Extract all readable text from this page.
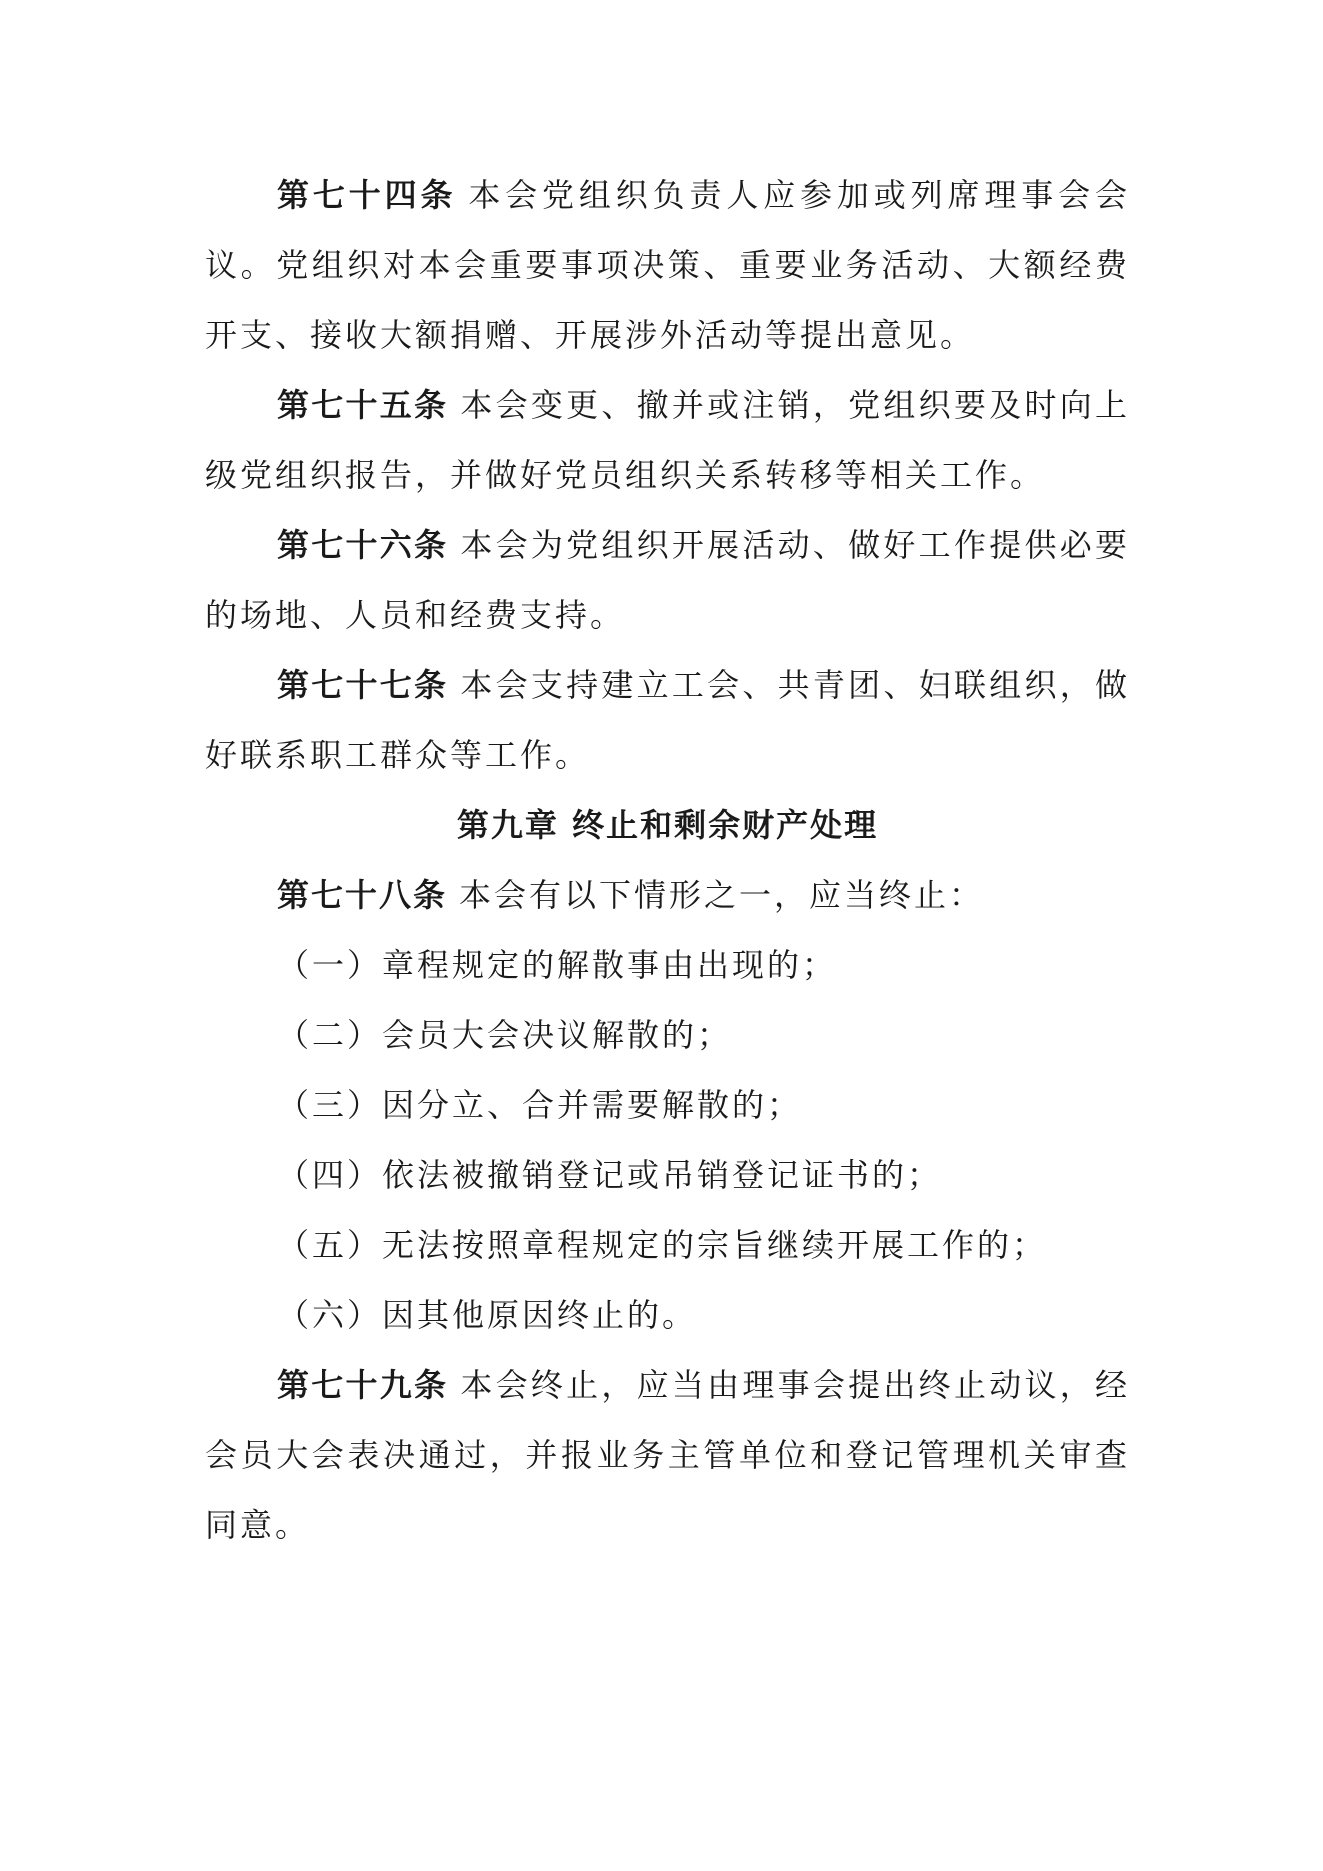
第七十四条 本会党组织负责人应参加或列席理事会会议。党组织对本会重要事项决策、重要业务活动、大额经费 开支、接收大额捐赠、开展涉外活动等提出意见。

第七十五条 本会变更、撤并或注销，党组织要及时向上级党组织报告，并做好党员组织关系转移等相关工作。

第七十六条 本会为党组织开展活动、做好工作提供必要的场地、人员和经费支持。

第七十七条 本会支持建立工会、共青团、妇联组织，做好联系职工群众等工作。

第九章 终止和剩余财产处理

第七十八条 本会有以下情形之一，应当终止：

（一）章程规定的解散事由出现的；

（二）会员大会决议解散的；

（三）因分立、合并需要解散的；

（四）依法被撤销登记或吊销登记证书的；

（五）无法按照章程规定的宗旨继续开展工作的；

（六）因其他原因终止的。

第七十九条 本会终止，应当由理事会提出终止动议，经会员大会表决通过，并报业务主管单位和登记管理机关审查同意。
